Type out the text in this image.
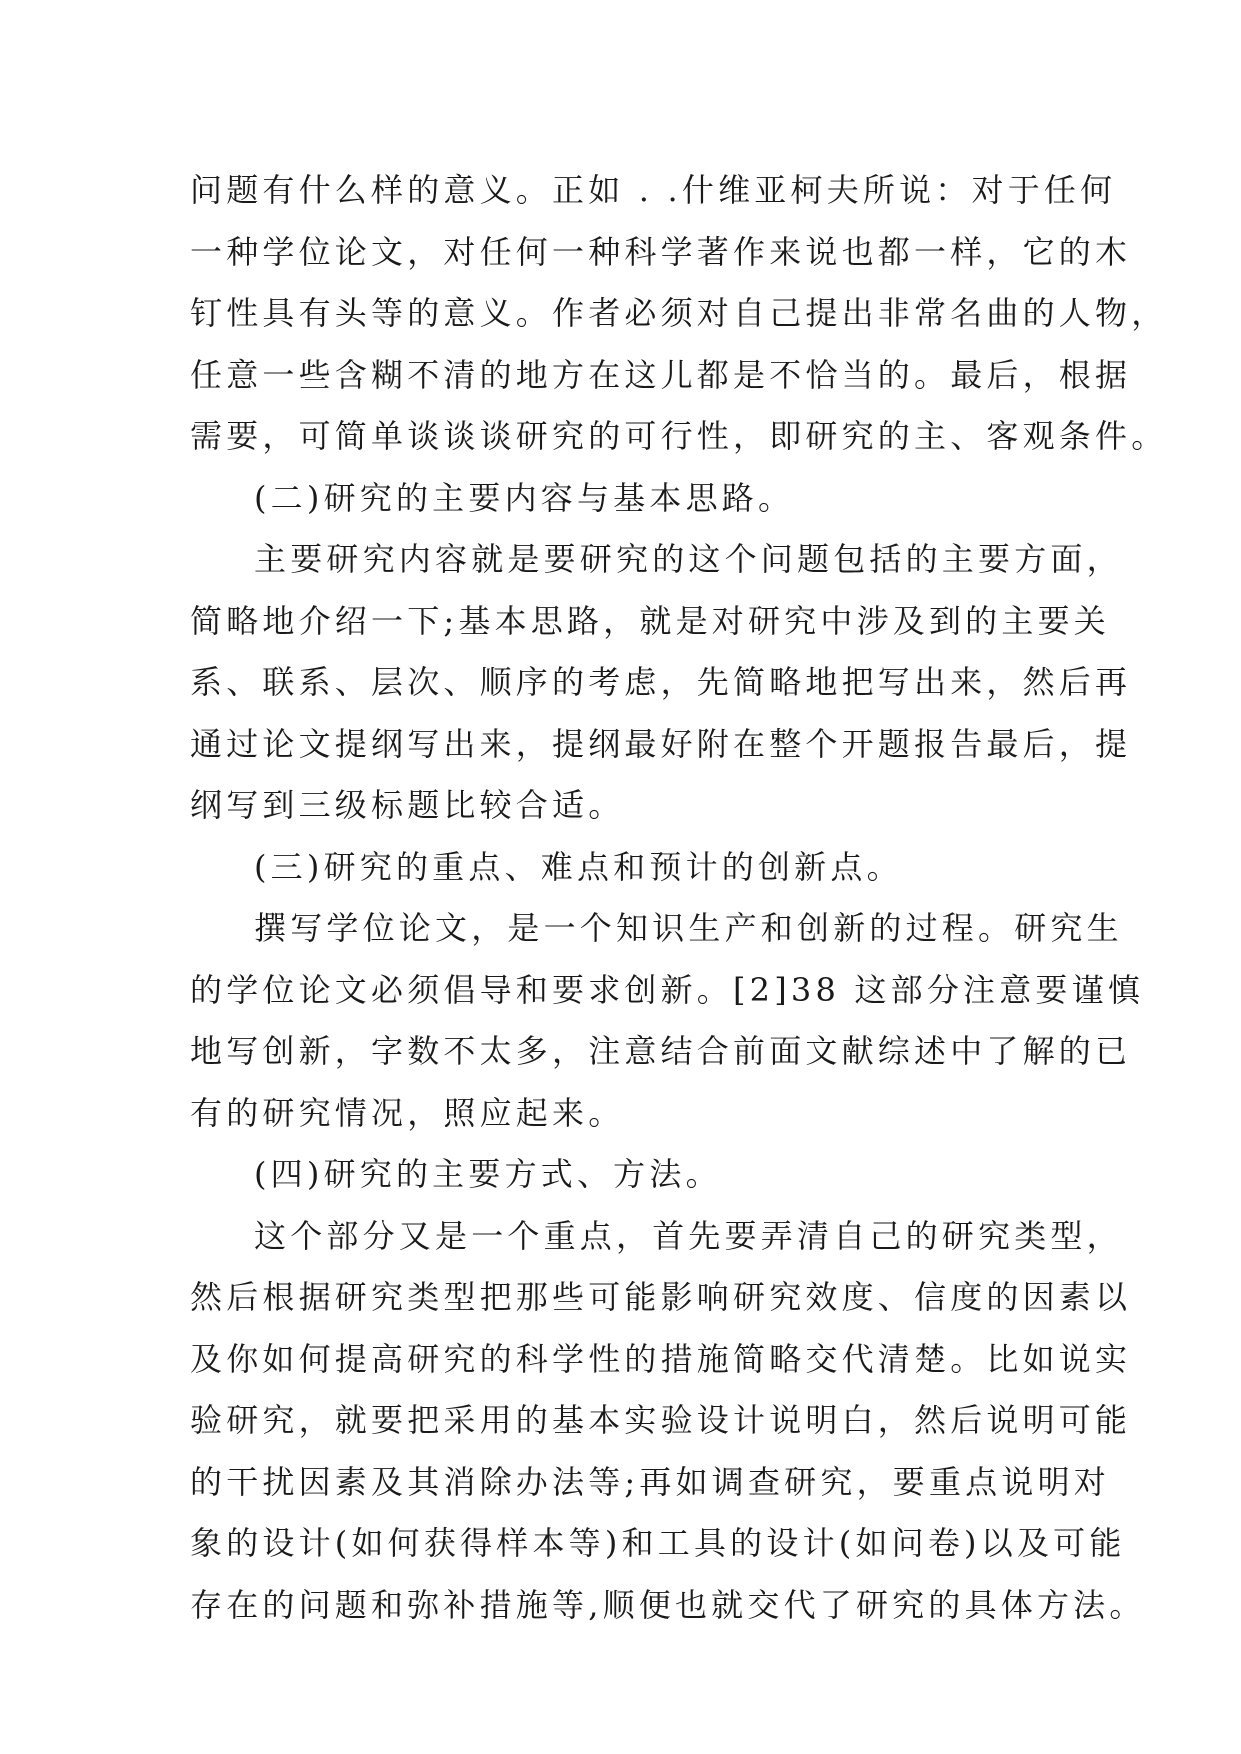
问题有什么样的意义。正如 . .什维亚柯夫所说：对于任何
一种学位论文，对任何一种科学著作来说也都一样，它的木
钉性具有头等的意义。作者必须对自己提出非常名曲的人物，
任意一些含糊不清的地方在这儿都是不恰当的。最后，根据
需要，可简单谈谈谈研究的可行性，即研究的主、客观条件。
(二)研究的主要内容与基本思路。
主要研究内容就是要研究的这个问题包括的主要方面，
简略地介绍一下;基本思路，就是对研究中涉及到的主要关
系、联系、层次、顺序的考虑，先简略地把写出来，然后再
通过论文提纲写出来，提纲最好附在整个开题报告最后，提
纲写到三级标题比较合适。
(三)研究的重点、难点和预计的创新点。
撰写学位论文，是一个知识生产和创新的过程。研究生
的学位论文必须倡导和要求创新。[2]38 这部分注意要谨慎
地写创新，字数不太多，注意结合前面文献综述中了解的已
有的研究情况，照应起来。
(四)研究的主要方式、方法。
这个部分又是一个重点，首先要弄清自己的研究类型，
然后根据研究类型把那些可能影响研究效度、信度的因素以
及你如何提高研究的科学性的措施简略交代清楚。比如说实
验研究，就要把采用的基本实验设计说明白，然后说明可能
的干扰因素及其消除办法等;再如调查研究，要重点说明对
象的设计(如何获得样本等)和工具的设计(如问卷)以及可能
存在的问题和弥补措施等,顺便也就交代了研究的具体方法。
